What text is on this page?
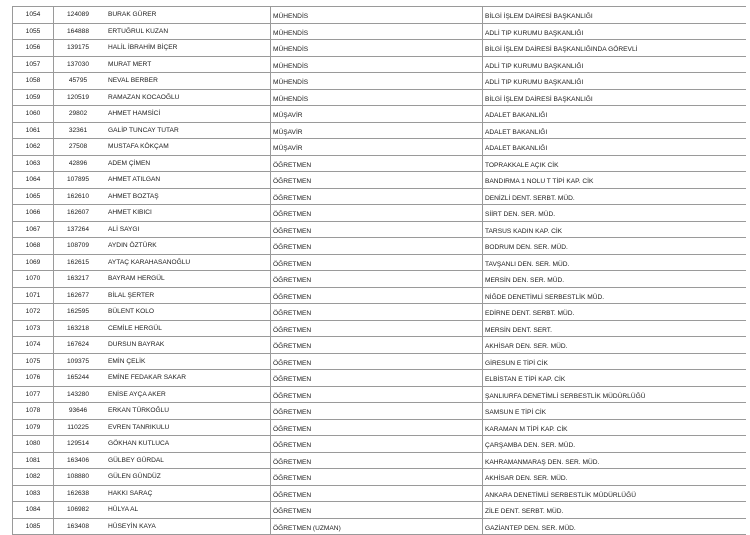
1054	124089	BURAK GÜRER	MÜHENDİS	BİLGİ İŞLEM DAİRESİ BAŞKANLIĞI
1055	164888	ERTUĞRUL KUZAN	MÜHENDİS	ADLİ TIP KURUMU BAŞKANLIĞI
1056	139175	HALİL İBRAHİM BİÇER	MÜHENDİS	BİLGİ İŞLEM DAİRESİ BAŞKANLIĞINDA GÖREVLİ
1057	137030	MURAT MERT	MÜHENDİS	ADLİ TIP KURUMU BAŞKANLIĞI
1058	45795	NEVAL BERBER	MÜHENDİS	ADLİ TIP KURUMU BAŞKANLIĞI
1059	120519	RAMAZAN KOCAOĞLU	MÜHENDİS	BİLGİ İŞLEM DAİRESİ BAŞKANLIĞI
1060	29802	AHMET HAMSİCİ	MÜŞAVİR	ADALET BAKANLIĞI
1061	32361	GALİP TUNCAY TUTAR	MÜŞAVİR	ADALET BAKANLIĞI
1062	27508	MUSTAFA KÖKÇAM	MÜŞAVİR	ADALET BAKANLIĞI
1063	42896	ADEM ÇİMEN	ÖĞRETMEN	TOPRAKKALE AÇIK CİK
1064	107895	AHMET ATILGAN	ÖĞRETMEN	BANDIRMA 1 NOLU T TİPİ KAP. CİK
1065	162610	AHMET BOZTAŞ	ÖĞRETMEN	DENİZLİ DENT. SERBT. MÜD.
1066	162607	AHMET KIBICI	ÖĞRETMEN	SİİRT DEN. SER. MÜD.
1067	137264	ALİ SAYGI	ÖĞRETMEN	TARSUS KADIN KAP. CİK
1068	108709	AYDIN ÖZTÜRK	ÖĞRETMEN	BODRUM DEN. SER. MÜD.
1069	162615	AYTAÇ KARAHASANOĞLU	ÖĞRETMEN	TAVŞANLI DEN. SER. MÜD.
1070	163217	BAYRAM HERGÜL	ÖĞRETMEN	MERSİN DEN. SER. MÜD.
1071	162677	BİLAL ŞERTER	ÖĞRETMEN	NİĞDE DENETİMLİ SERBESTLİK MÜD.
1072	162595	BÜLENT KOLO	ÖĞRETMEN	EDİRNE DENT. SERBT. MÜD.
1073	163218	CEMİLE HERGÜL	ÖĞRETMEN	MERSİN DENT. SERT.
1074	167624	DURSUN BAYRAK	ÖĞRETMEN	AKHİSAR DEN. SER. MÜD.
1075	109375	EMİN ÇELİK	ÖĞRETMEN	GİRESUN E TİPİ CİK
1076	165244	EMİNE FEDAKAR SAKAR	ÖĞRETMEN	ELBİSTAN E TİPİ KAP. CİK
1077	143280	ENİSE AYÇA AKER	ÖĞRETMEN	ŞANLIURFA DENETİMLİ SERBESTLİK MÜDÜRLÜĞÜ
1078	93646	ERKAN TÜRKOĞLU	ÖĞRETMEN	SAMSUN E TİPİ CİK
1079	110225	EVREN TANRIKULU	ÖĞRETMEN	KARAMAN M TİPİ KAP. CİK
1080	129514	GÖKHAN KUTLUCA	ÖĞRETMEN	ÇARŞAMBA DEN. SER. MÜD.
1081	163406	GÜLBEY GÜRDAL	ÖĞRETMEN	KAHRAMANMARAŞ DEN. SER. MÜD.
1082	108880	GÜLEN GÜNDÜZ	ÖĞRETMEN	AKHİSAR DEN. SER. MÜD.
1083	162638	HAKKI SARAÇ	ÖĞRETMEN	ANKARA DENETİMLİ SERBESTLİK MÜDÜRLÜĞÜ
1084	106982	HÜLYA AL	ÖĞRETMEN	ZİLE DENT. SERBT. MÜD.
1085	163408	HÜSEYİN KAYA	ÖĞRETMEN (UZMAN)	GAZİANTEP DEN. SER. MÜD.
